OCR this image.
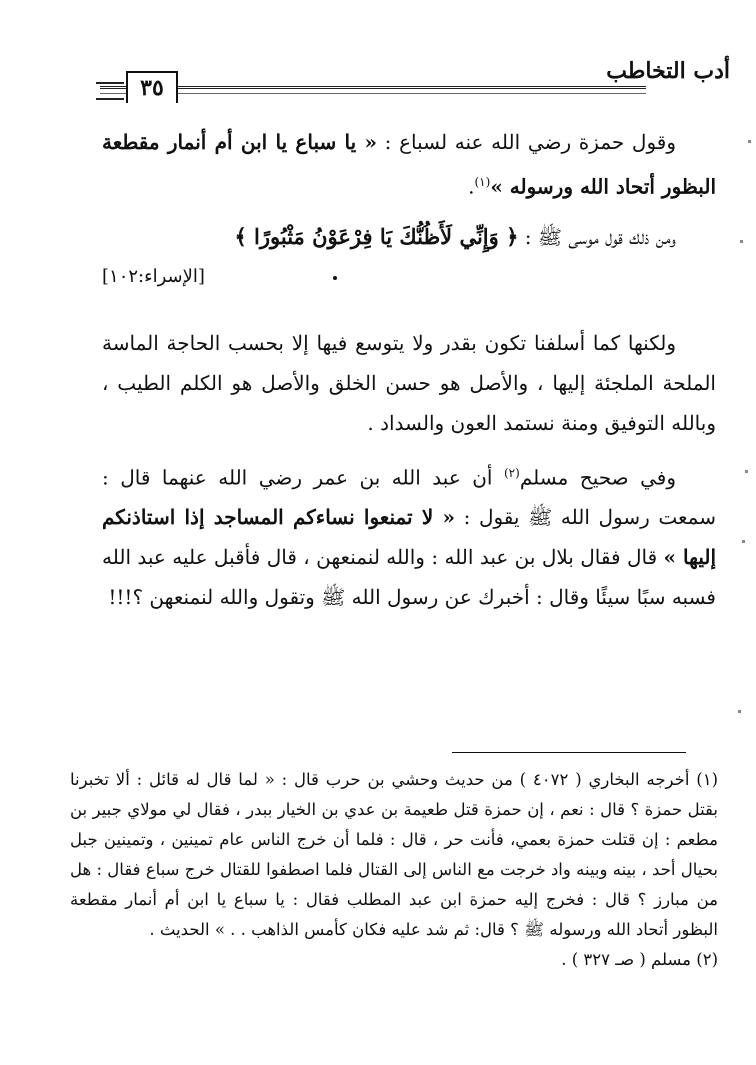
أدب التخاطب
٣٥

وقول حمزة رضي الله عنه لسباع : « يا سباع يا ابن أم أنمار مقطعة البظور أتحاد الله ورسوله »$^{(١)}$.

ومن ذلك قول موسى ﷺ : ﴿ وَإِنِّي لَأَظُنُّكَ يَا فِرْعَوْنُ مَثْبُورًا ﴾
[الإسراء:١٠٢]

ولكنها كما أسلفنا تكون بقدر ولا يتوسع فيها إلا بحسب الحاجة الماسة الملحة الملجئة إليها ، والأصل هو حسن الخلق والأصل هو الكلم الطيب ، وبالله التوفيق ومنة نستمد العون والسداد .

وفي صحيح مسلم$^{(٢)}$ أن عبد الله بن عمر رضي الله عنهما قال : سمعت رسول الله ﷺ يقول : « لا تمنعوا نساءكم المساجد إذا استاذنكم إليها » قال فقال بلال بن عبد الله : والله لنمنعهن ، قال فأقبل عليه عبد الله فسبه سبًا سيئًا وقال : أخبرك عن رسول الله ﷺ وتقول والله لنمنعهن ؟!!!

(١) أخرجه البخاري ( ٤٠٧٢ ) من حديث وحشي بن حرب قال : « لما قال له قائل : ألا تخبرنا بقتل حمزة ؟ قال : نعم ، إن حمزة قتل طعيمة بن عدي بن الخيار ببدر ، فقال لي مولاي جبير بن مطعم : إن قتلت حمزة بعمي، فأنت حر ، قال : فلما أن خرج الناس عام تمينين ، وتمينين جبل بحيال أحد ، بينه وبينه واد خرجت مع الناس إلى القتال فلما اصطفوا للقتال خرج سباع فقال : هل من مبارز ؟ قال : فخرج إليه حمزة ابن عبد المطلب فقال : يا سباع يا ابن أم أنمار مقطعة البظور أتحاد الله ورسوله ﷺ ؟ قال: ثم شد عليه فكان كأمس الذاهب . . » الحديث .

(٢) مسلم ( صـ ٣٢٧ ) .
